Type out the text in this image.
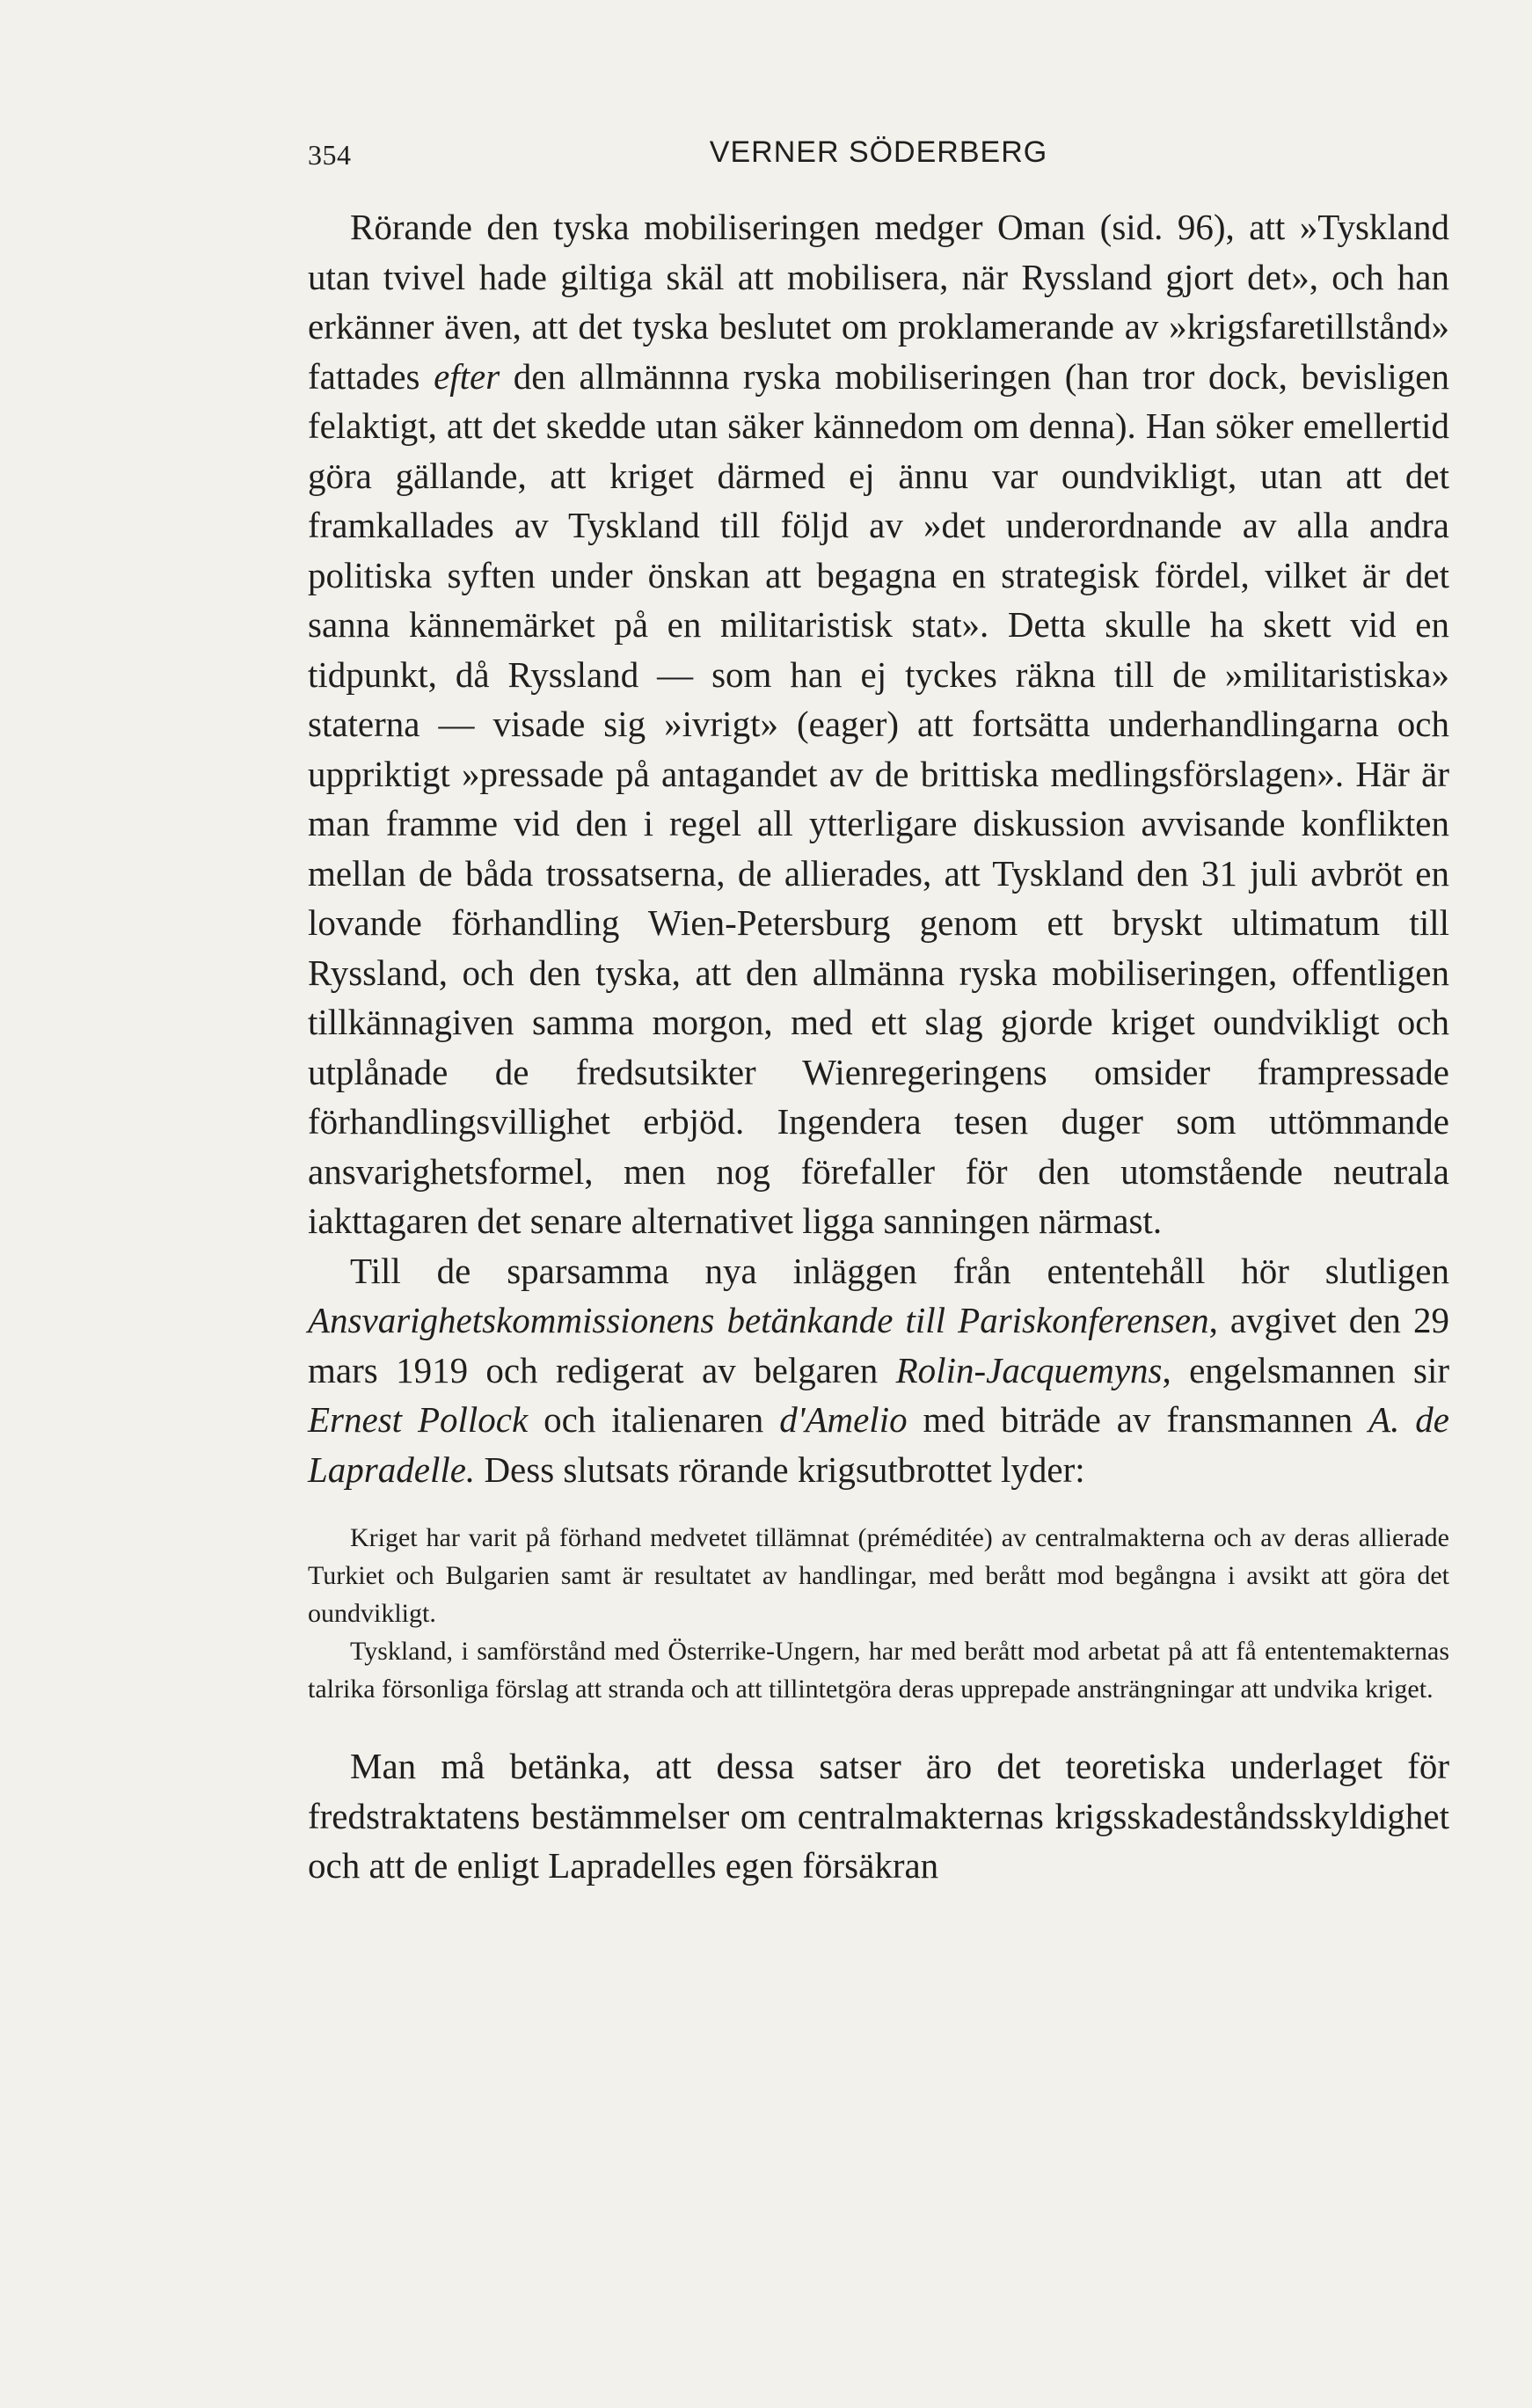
354	VERNER SÖDERBERG

Rörande den tyska mobiliseringen medger Oman (sid. 96), att »Tyskland utan tvivel hade giltiga skäl att mobilisera, när Ryssland gjort det», och han erkänner även, att det tyska beslutet om proklamerande av »krigsfaretillstånd» fattades efter den allmännna ryska mobiliseringen (han tror dock, bevisligen felaktigt, att det skedde utan säker kännedom om denna). Han söker emellertid göra gällande, att kriget därmed ej ännu var oundvikligt, utan att det framkallades av Tyskland till följd av »det underordnande av alla andra politiska syften under önskan att begagna en strategisk fördel, vilket är det sanna kännemärket på en militaristisk stat». Detta skulle ha skett vid en tidpunkt, då Ryssland — som han ej tyckes räkna till de »militaristiska» staterna — visade sig »ivrigt» (eager) att fortsätta underhandlingarna och uppriktigt »pressade på antagandet av de brittiska medlingsförslagen». Här är man framme vid den i regel all ytterligare diskussion avvisande konflikten mellan de båda trossatserna, de allierades, att Tyskland den 31 juli avbröt en lovande förhandling Wien-Petersburg genom ett bryskt ultimatum till Ryssland, och den tyska, att den allmänna ryska mobiliseringen, offentligen tillkännagiven samma morgon, med ett slag gjorde kriget oundvikligt och utplånade de fredsutsikter Wienregeringens omsider frampressade förhandlingsvillighet erbjöd. Ingendera tesen duger som uttömmande ansvarighetsformel, men nog förefaller för den utomstående neutrala iakttagaren det senare alternativet ligga sanningen närmast.

Till de sparsamma nya inläggen från ententehåll hör slutligen Ansvarighetskommissionens betänkande till Pariskonferensen, avgivet den 29 mars 1919 och redigerat av belgaren Rolin-Jacquemyns, engelsmannen sir Ernest Pollock och italienaren d'Amelio med biträde av fransmannen A. de Lapradelle. Dess slutsats rörande krigsutbrottet lyder:

Kriget har varit på förhand medvetet tillämnat (préméditée) av centralmakterna och av deras allierade Turkiet och Bulgarien samt är resultatet av handlingar, med berått mod begångna i avsikt att göra det oundvikligt.

Tyskland, i samförstånd med Österrike-Ungern, har med berått mod arbetat på att få ententemakternas talrika försonliga förslag att stranda och att tillintetgöra deras upprepade ansträngningar att undvika kriget.

Man må betänka, att dessa satser äro det teoretiska underlaget för fredstraktatens bestämmelser om centralmakternas krigsskadeståndsskyldighet och att de enligt Lapradelles egen försäkran
